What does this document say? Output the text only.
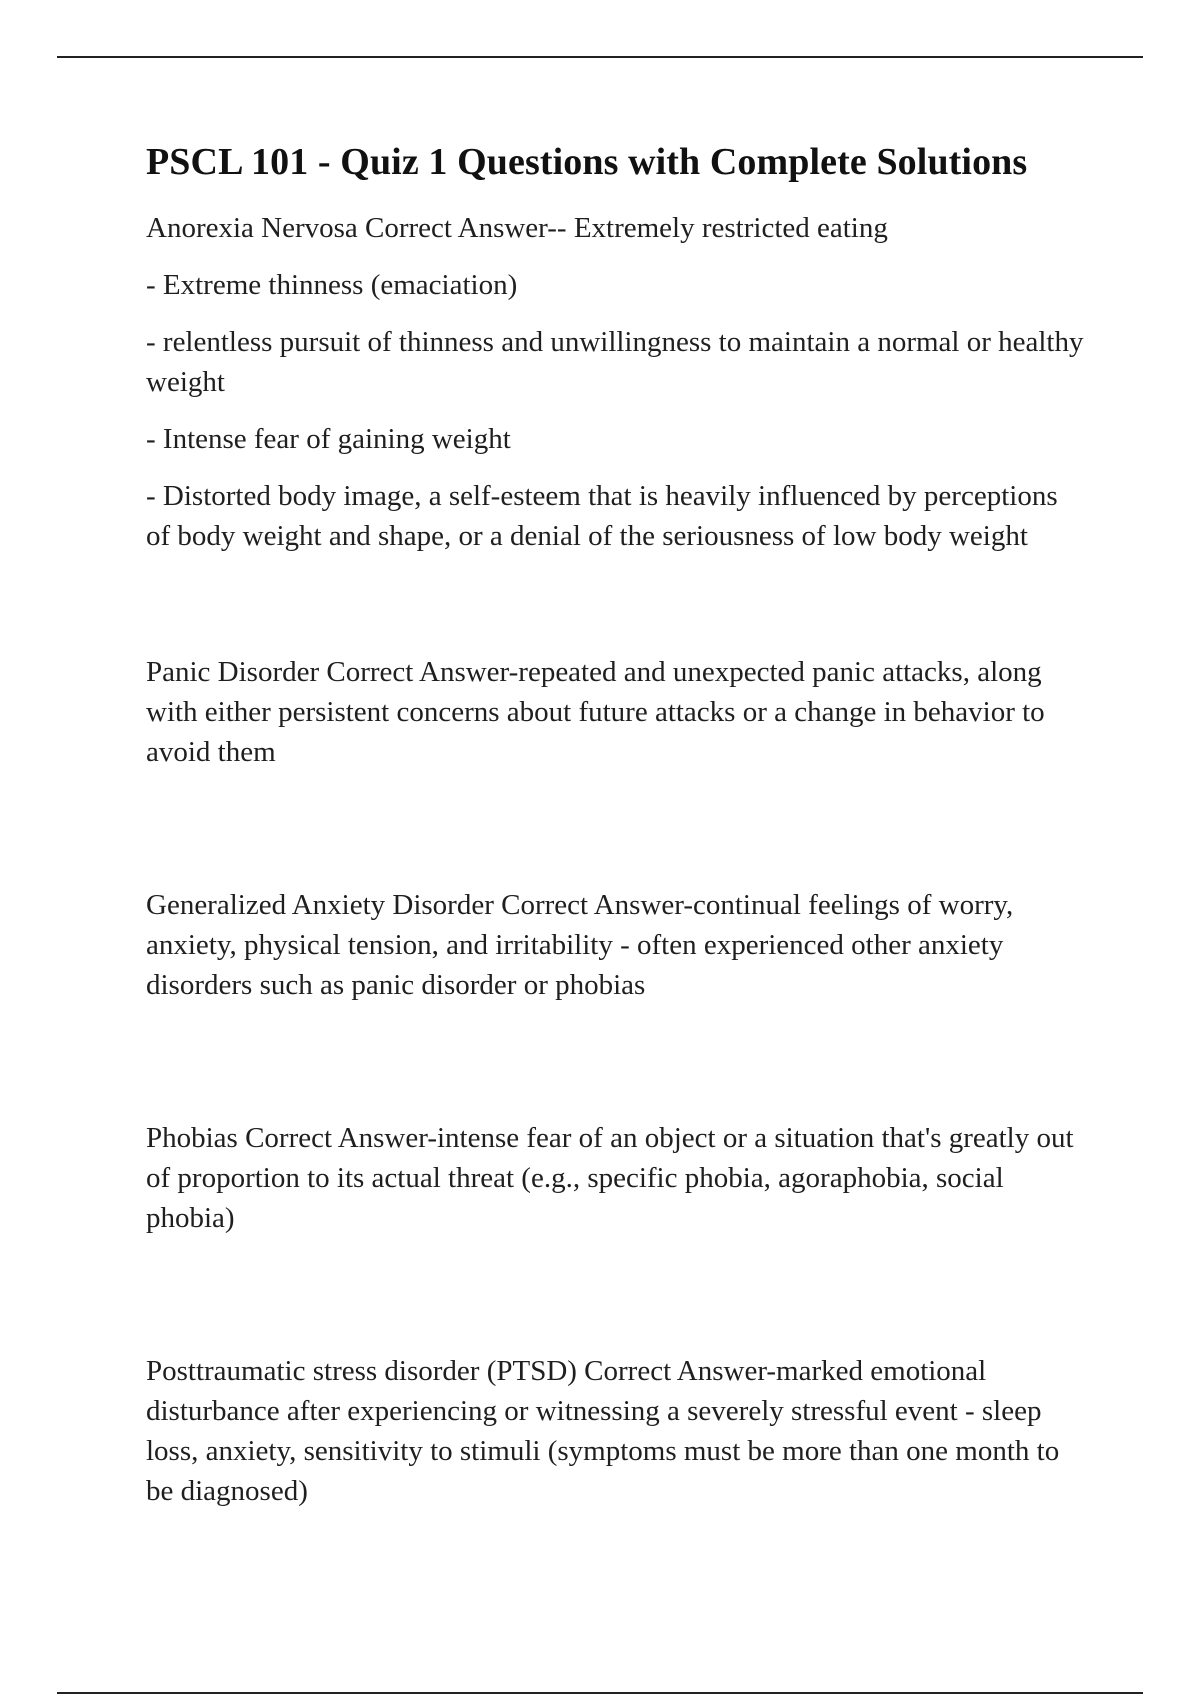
PSCL 101 - Quiz 1 Questions with Complete Solutions

Anorexia Nervosa Correct Answer-- Extremely restricted eating

- Extreme thinness (emaciation)

- relentless pursuit of thinness and unwillingness to maintain a normal or healthy weight

- Intense fear of gaining weight

- Distorted body image, a self-esteem that is heavily influenced by perceptions of body weight and shape, or a denial of the seriousness of low body weight

Panic Disorder Correct Answer-repeated and unexpected panic attacks, along with either persistent concerns about future attacks or a change in behavior to avoid them

Generalized Anxiety Disorder Correct Answer-continual feelings of worry, anxiety, physical tension, and irritability - often experienced other anxiety disorders such as panic disorder or phobias

Phobias Correct Answer-intense fear of an object or a situation that's greatly out of proportion to its actual threat (e.g., specific phobia, agoraphobia, social phobia)

Posttraumatic stress disorder (PTSD) Correct Answer-marked emotional disturbance after experiencing or witnessing a severely stressful event - sleep loss, anxiety, sensitivity to stimuli (symptoms must be more than one month to be diagnosed)
